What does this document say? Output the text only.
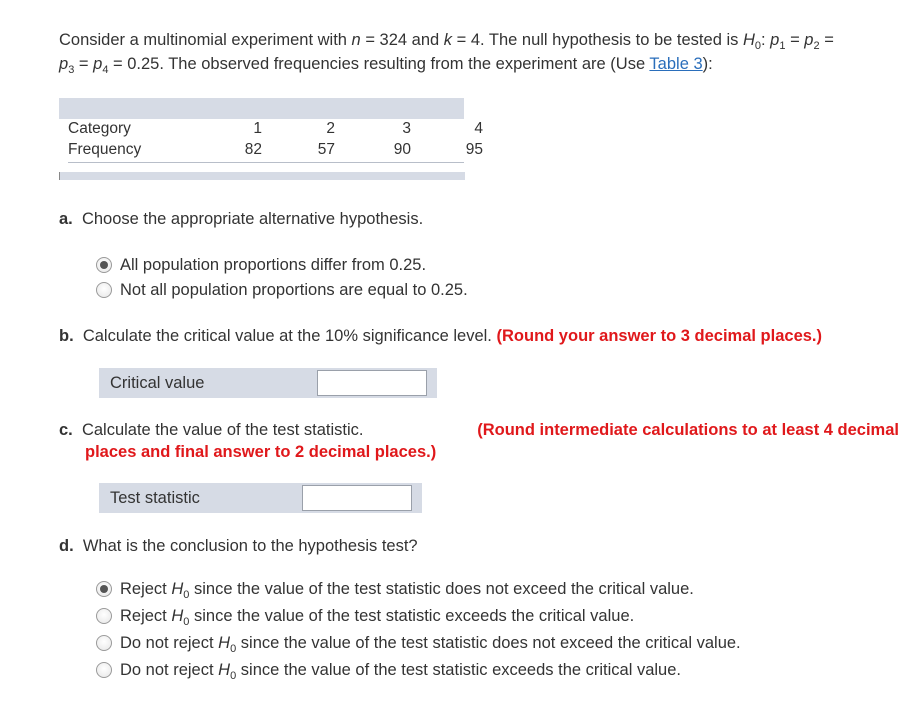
Consider a multinomial experiment with n = 324 and k = 4. The null hypothesis to be tested is $H_0$: $p_1 = p_2$ =
$p_3 = p_4 = 0.25$. The observed frequencies resulting from the experiment are (Use Table 3):
Category	1	2	3	4
Frequency	82	57	90	95
a. Choose the appropriate alternative hypothesis.
All population proportions differ from 0.25.
Not all population proportions are equal to 0.25.
b. Calculate the critical value at the 10% significance level. (Round your answer to 3 decimal places.)
Critical value
c. Calculate the value of the test statistic.	(Round intermediate calculations to at least 4 decimal
places and final answer to 2 decimal places.)
Test statistic
d. What is the conclusion to the hypothesis test?
Reject $H_0$ since the value of the test statistic does not exceed the critical value.
Reject $H_0$ since the value of the test statistic exceeds the critical value.
Do not reject $H_0$ since the value of the test statistic does not exceed the critical value.
Do not reject $H_0$ since the value of the test statistic exceeds the critical value.
